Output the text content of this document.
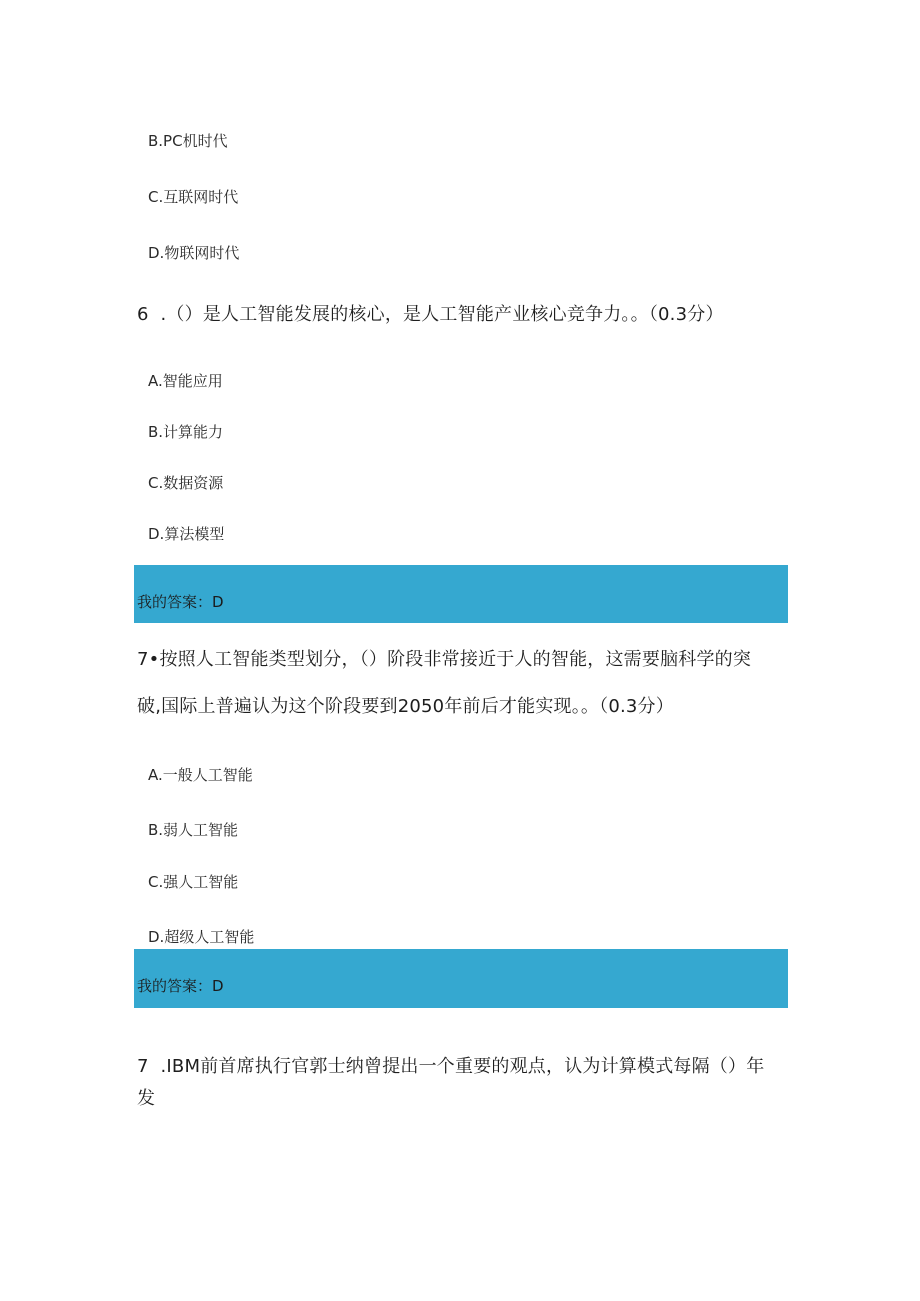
B.PC机时代
C.互联网时代
D.物联网时代
6  .（）是人工智能发展的核心，是人工智能产业核心竞争力。。（0.3分）
A.智能应用
B.计算能力
C.数据资源
D.算法模型
我的答案：D
7•按照人工智能类型划分，（）阶段非常接近于人的智能，这需要脑科学的突
破,国际上普遍认为这个阶段要到2050年前后才能实现。。（0.3分）
A.一般人工智能
B.弱人工智能
C.强人工智能
D.超级人工智能
我的答案：D
7  .IBM前首席执行官郭士纳曾提出一个重要的观点，认为计算模式每隔（）年
发
